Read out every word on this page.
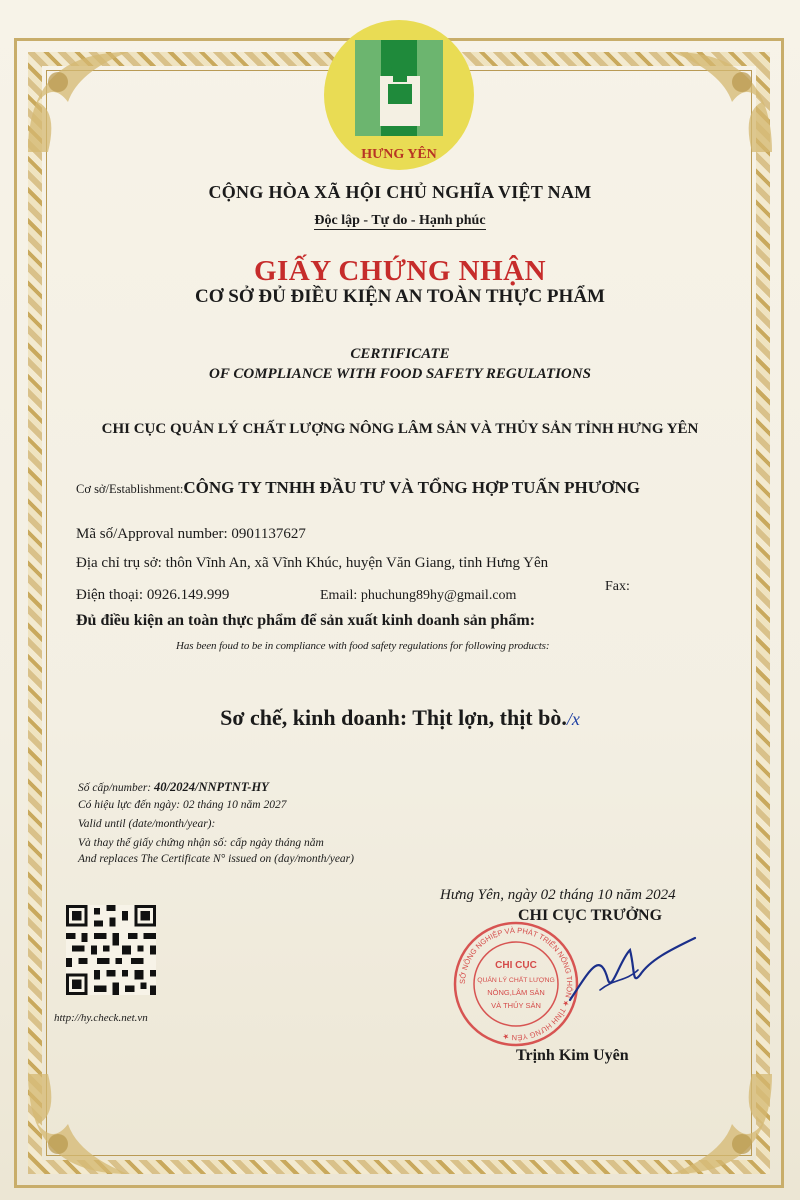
HƯNG YÊN
CỘNG HÒA XÃ HỘI CHỦ NGHĨA VIỆT NAM
Độc lập - Tự do - Hạnh phúc
GIẤY CHỨNG NHẬN
CƠ SỞ ĐỦ ĐIỀU KIỆN AN TOÀN THỰC PHẨM
CERTIFICATE
OF COMPLIANCE WITH FOOD SAFETY REGULATIONS
CHI CỤC QUẢN LÝ CHẤT LƯỢNG NÔNG LÂM SẢN VÀ THỦY SẢN TỈNH HƯNG YÊN
Cơ sở/Establishment:CÔNG TY TNHH ĐẦU TƯ VÀ TỔNG HỢP TUẤN PHƯƠNG
Mã số/Approval number: 0901137627
Địa chỉ trụ sở: thôn Vĩnh An, xã Vĩnh Khúc, huyện Văn Giang, tỉnh Hưng Yên
Điện thoại: 0926.149.999	Email: phuchung89hy@gmail.com
Fax:
Đủ điều kiện an toàn thực phẩm để sản xuất kinh doanh sản phẩm:
Has been foud to be in compliance with food safety regulations for following products:
Sơ chế, kinh doanh: Thịt lợn, thịt bò./x
Số cấp/number: 40/2024/NNPTNT-HY
Có hiệu lực đến ngày: 02 tháng 10 năm 2027
Valid until (date/month/year):
Và thay thế giấy chứng nhận số: cấp ngày tháng năm
And replaces The Certificate N° issued on (day/month/year)
Hưng Yên, ngày 02 tháng 10 năm 2024
CHI CỤC TRƯỞNG
http://hy.check.net.vn
SỞ NÔNG NGHIỆP VÀ PHÁT TRIỂN NÔNG THÔN ★ TỈNH HƯNG YÊN ★
CHI CỤC
QUẢN LÝ CHẤT LƯỢNG
NÔNG,LÂM SẢN
VÀ THỦY SẢN
Trịnh Kim Uyên
